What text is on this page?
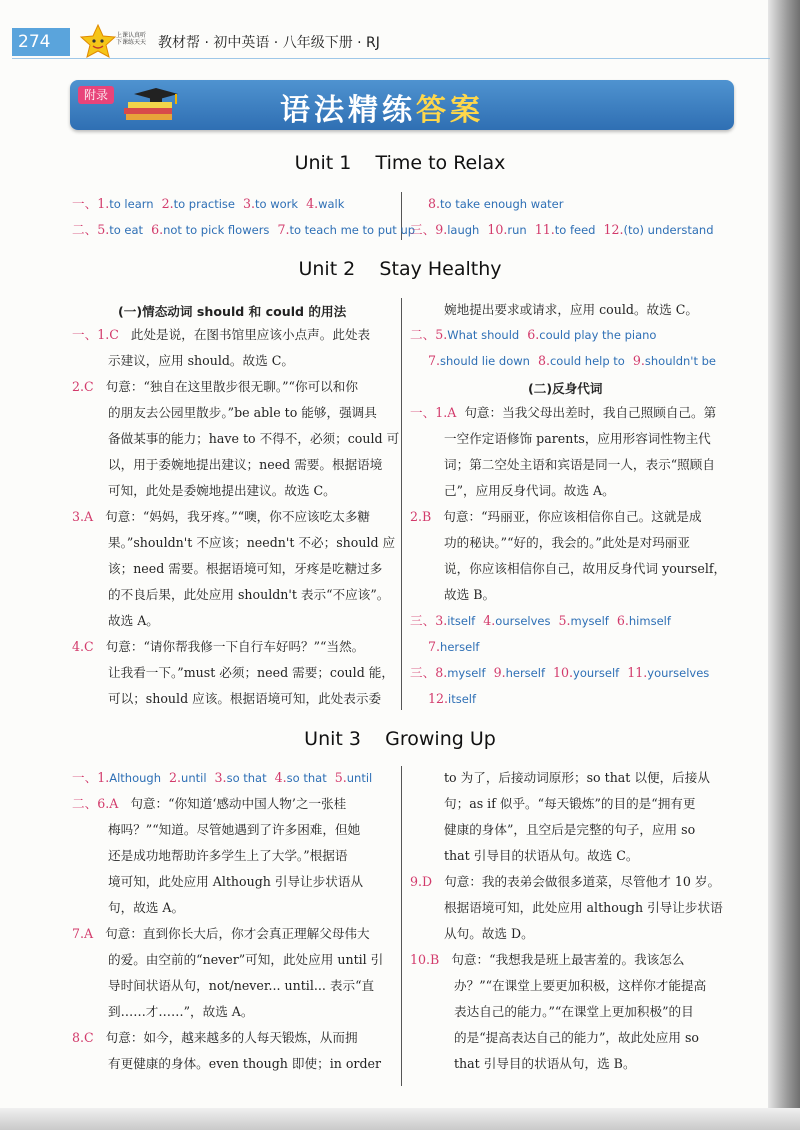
274	上课认真听 下课练天天 教材帮 · 初中英语 · 八年级下册 · RJ
附录	语法精练答案
Unit 1    Time to Relax
一、1.to learn 2.to practise 3.to work 4.walk
二、5.to eat 6.not to pick flowers 7.to teach me to put up
8.to take enough water
三、9.laugh 10.run 11.to feed 12.(to) understand
Unit 2    Stay Healthy
(一)情态动词 should 和 could 的用法
一、1.C 此处是说，在图书馆里应该小点声。此处表
示建议，应用 should。故选 C。
2.C 句意：“独自在这里散步很无聊。”“你可以和你
的朋友去公园里散步。”be able to 能够，强调具
备做某事的能力；have to 不得不，必须；could 可
以，用于委婉地提出建议；need 需要。根据语境
可知，此处是委婉地提出建议。故选 C。
3.A 句意：“妈妈，我牙疼。”“噢，你不应该吃太多糖
果。”shouldn't 不应该；needn't 不必；should 应
该；need 需要。根据语境可知，牙疼是吃糖过多
的不良后果，此处应用 shouldn't 表示“不应该”。
故选 A。
4.C 句意：“请你帮我修一下自行车好吗？”“当然。
让我看一下。”must 必须；need 需要；could 能，
可以；should 应该。根据语境可知，此处表示委
婉地提出要求或请求，应用 could。故选 C。
二、5.What should 6.could play the piano
7.should lie down 8.could help to 9.shouldn't be
(二)反身代词
一、1.A 句意：当我父母出差时，我自己照顾自己。第
一空作定语修饰 parents，应用形容词性物主代
词；第二空处主语和宾语是同一人，表示“照顾自
己”，应用反身代词。故选 A。
2.B 句意：“玛丽亚，你应该相信你自己。这就是成
功的秘诀。”“好的，我会的。”此处是对玛丽亚
说，你应该相信你自己，故用反身代词 yourself，
故选 B。
三、3.itself 4.ourselves 5.myself 6.himself
7.herself
三、8.myself 9.herself 10.yourself 11.yourselves
12.itself
Unit 3    Growing Up
一、1.Although 2.until 3.so that 4.so that 5.until
二、6.A 句意：“你知道‘感动中国人物’之一张桂
梅吗？”“知道。尽管她遇到了许多困难，但她
还是成功地帮助许多学生上了大学。”根据语
境可知，此处应用 Although 引导让步状语从
句，故选 A。
7.A 句意：直到你长大后，你才会真正理解父母伟大
的爱。由空前的“never”可知，此处应用 until 引
导时间状语从句，not/never... until... 表示“直
到……才……”，故选 A。
8.C 句意：如今，越来越多的人每天锻炼，从而拥
有更健康的身体。even though 即使；in order
to 为了，后接动词原形；so that 以便，后接从
句；as if 似乎。“每天锻炼”的目的是“拥有更
健康的身体”，且空后是完整的句子，应用 so
that 引导目的状语从句。故选 C。
9.D 句意：我的表弟会做很多道菜，尽管他才 10 岁。
根据语境可知，此处应用 although 引导让步状语
从句。故选 D。
10.B 句意：“我想我是班上最害羞的。我该怎么
办？”“在课堂上要更加积极，这样你才能提高
表达自己的能力。”“在课堂上更加积极”的目
的是“提高表达自己的能力”，故此处应用 so
that 引导目的状语从句，选 B。
